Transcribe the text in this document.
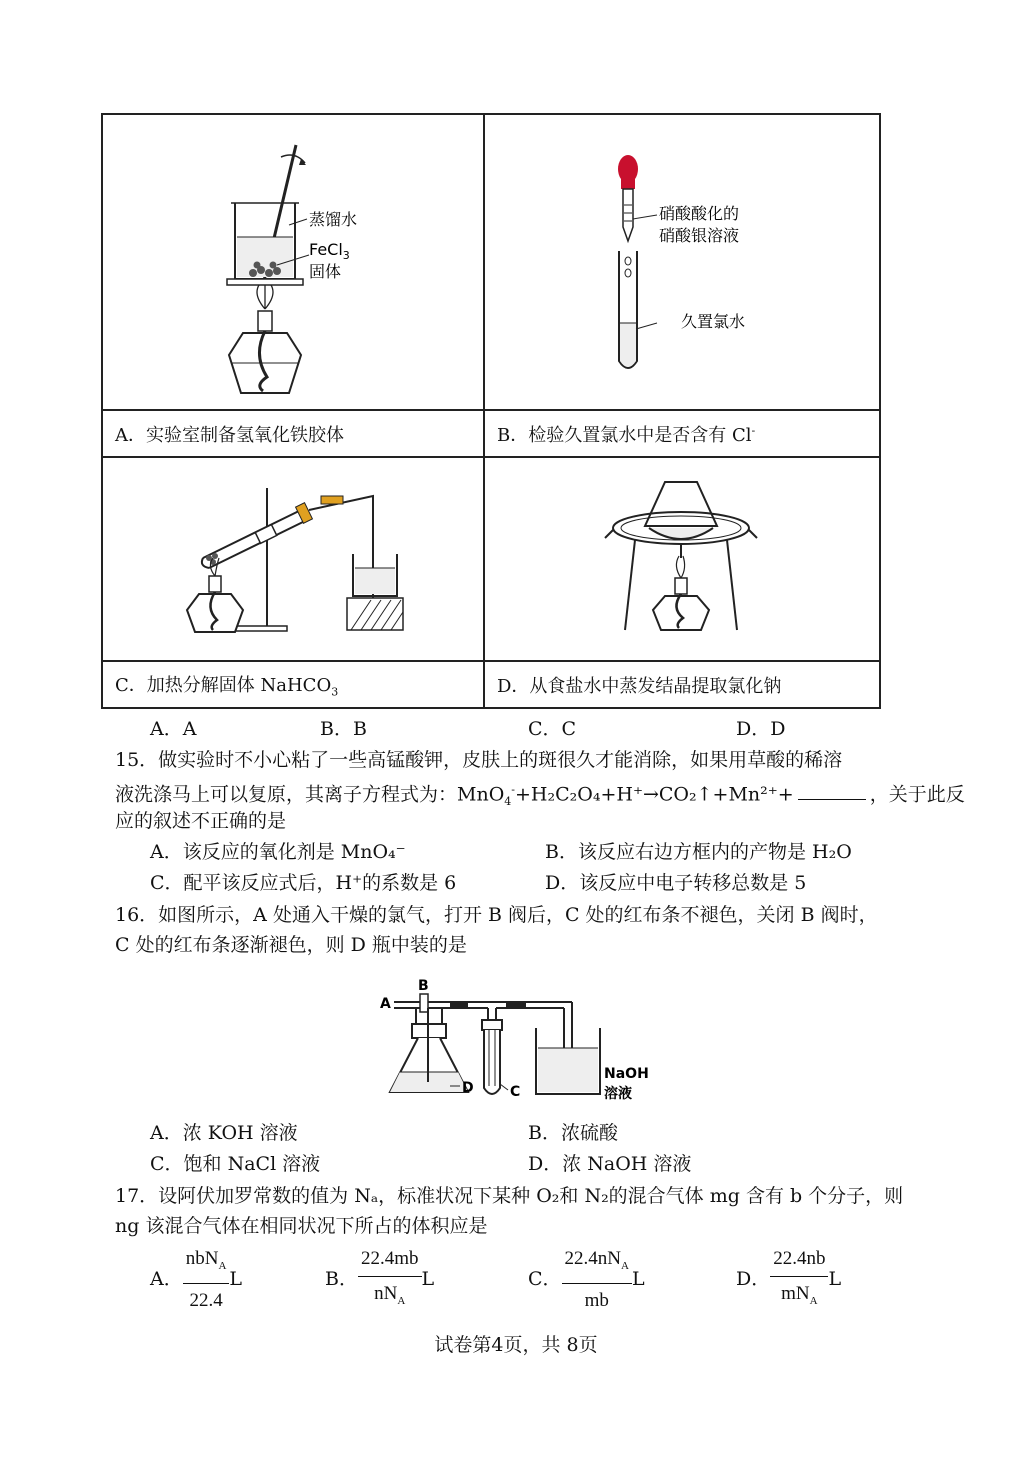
蒸馏水
FeCl$_3$
固体	硝酸酸化的
硝酸银溶液
久置氯水

A．实验室制备氢氧化铁胶体	B．检验久置氯水中是否含有 Cl-

C．加热分解固体 NaHCO$_3$	D．从食盐水中蒸发结晶提取氯化钠
A．A	B．B	C．C	D．D
15．做实验时不小心粘了一些高锰酸钾，皮肤上的斑很久才能消除，如果用草酸的稀溶
液洗涤马上可以复原，其离子方程式为：MnO$_4$-+H₂C₂O₄+H⁺→CO₂↑+Mn²⁺+	，关于此反
应的叙述不正确的是
A．该反应的氧化剂是 MnO₄⁻	B．该反应右边方框内的产物是 H₂O
C．配平该反应式后，H⁺的系数是 6	D．该反应中电子转移总数是 5
16．如图所示，A 处通入干燥的氯气，打开 B 阀后，C 处的红布条不褪色，关闭 B 阀时，
C 处的红布条逐渐褪色，则 D 瓶中装的是
B
A
D	C
NaOH
溶液
A．浓 KOH 溶液	B．浓硫酸
C．饱和 NaCl 溶液	D．浓 NaOH 溶液
17．设阿伏加罗常数的值为 Nₐ，标准状况下某种 O₂和 N₂的混合气体 mg 含有 b 个分子，则
ng 该混合气体在相同状况下所占的体积应是
A． $\frac{nbN_A}{22.4}$ L	B． $\frac{22.4mb}{nN_A}$ L	C． $\frac{22.4nN_A}{mb}$ L	D． $\frac{22.4nb}{mN_A}$ L
试卷第4页，共 8页
